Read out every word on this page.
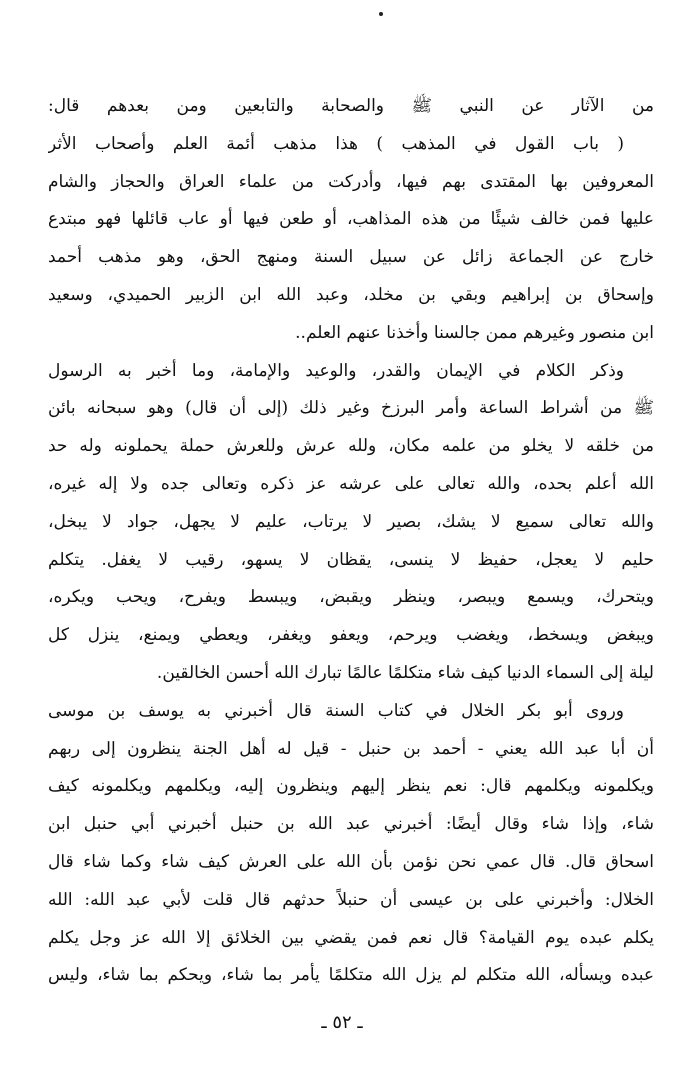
من الآثار عن النبي ﷺ والصحابة والتابعين ومن بعدهم قال:
( باب القول في المذهب ) هذا مذهب أئمة العلم وأصحاب الأثر
المعروفين بها المقتدى بهم فيها، وأدركت من علماء العراق والحجاز والشام
عليها فمن خالف شيئًا من هذه المذاهب، أو طعن فيها أو عاب قائلها فهو مبتدع
خارج عن الجماعة زائل عن سبيل السنة ومنهج الحق، وهو مذهب أحمد
وإسحاق بن إبراهيم وبقي بن مخلد، وعبد الله ابن الزبير الحميدي، وسعيد
ابن منصور وغيرهم ممن جالسنا وأخذنا عنهم العلم..
وذكر الكلام في الإيمان والقدر، والوعيد والإمامة، وما أخبر به الرسول
ﷺ من أشراط الساعة وأمر البرزخ وغير ذلك (إلى أن قال) وهو سبحانه بائن
من خلقه لا يخلو من علمه مكان، ولله عرش وللعرش حملة يحملونه وله حد
الله أعلم بحده، والله تعالى على عرشه عز ذكره وتعالى جده ولا إله غيره،
والله تعالى سميع لا يشك، بصير لا يرتاب، عليم لا يجهل، جواد لا يبخل،
حليم لا يعجل، حفيظ لا ينسى، يقظان لا يسهو، رقيب لا يغفل. يتكلم
ويتحرك، ويسمع ويبصر، وينظر ويقبض، ويبسط ويفرح، ويحب ويكره،
ويبغض ويسخط، ويغضب ويرحم، ويعفو ويغفر، ويعطي ويمنع، ينزل كل
ليلة إلى السماء الدنيا كيف شاء متكلمًا عالمًا تبارك الله أحسن الخالقين.
وروى أبو بكر الخلال في كتاب السنة قال أخبرني به يوسف بن موسى
أن أبا عبد الله يعني - أحمد بن حنبل - قيل له أهل الجنة ينظرون إلى ربهم
ويكلمونه ويكلمهم قال: نعم ينظر إليهم وينظرون إليه، ويكلمهم ويكلمونه كيف
شاء، وإذا شاء وقال أيضًا: أخبرني عبد الله بن حنبل أخبرني أبي حنبل ابن
اسحاق قال. قال عمي نحن نؤمن بأن الله على العرش كيف شاء وكما شاء قال
الخلال: وأخبرني على بن عيسى أن حنبلاً حدثهم قال قلت لأبي عبد الله: الله
يكلم عبده يوم القيامة؟ قال نعم فمن يقضي بين الخلائق إلا الله عز وجل يكلم
عبده ويسأله، الله متكلم لم يزل الله متكلمًا يأمر بما شاء، ويحكم بما شاء، وليس
ـ ٥٢ ـ
